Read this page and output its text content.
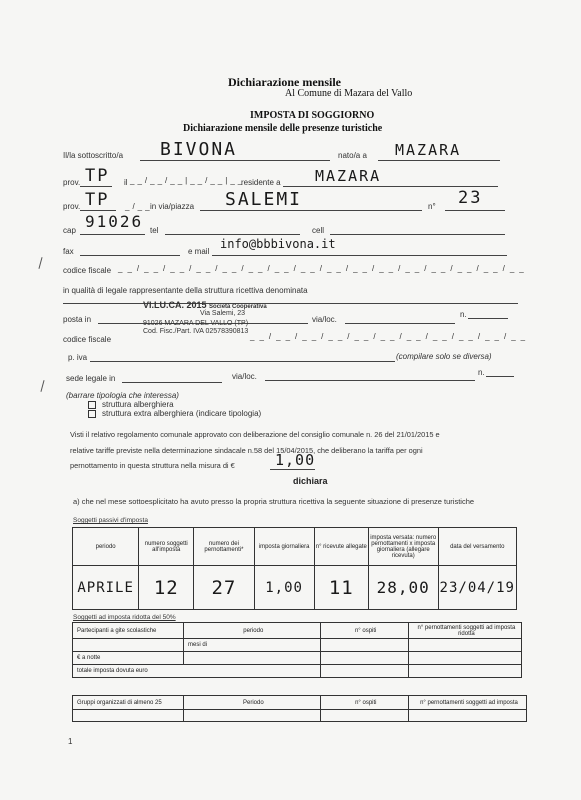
Dichiarazione mensile
Al Comune di Mazara del Vallo
IMPOSTA DI SOGGIORNO
Dichiarazione mensile delle presenze turistiche
Il/la sottoscritto/a BIVONA	nato/a a MAZARA
prov. TP il __/__/__|__/__|__
residente a MAZARA
prov. TP _/__
in via/piazza SALEMI	n° 23
cap 91026 tel	cell
fax	e mail
info@bbbivona.it
codice fiscale __/__/__/__/__/__/__/__/__/__/__/__/__/__/__/__
in qualità di legale rappresentante della struttura ricettiva denominata
VI.LU.CA. 2015 Società Cooperativa
posta in
Via Salemi, 23
via/loc.
n.
91026 MAZARA DEL VALLO (TP)
Cod. Fisc./Part. IVA 02578390813
codice fiscale	__/__/__/__/__/__/__/__/__/__/__
p. iva	(compilare solo se diversa)
sede legale in	via/loc.	n.
(barrare tipologia che interessa)
struttura alberghiera
struttura extra alberghiera (indicare tipologia)
Visti il relativo regolamento comunale approvato con deliberazione del consiglio comunale n. 26 del 21/01/2015 e
relative tariffe previste nella determinazione sindacale n.58 del 15/04/2015, che deliberano la tariffa per ogni
pernottamento in questa struttura nella misura di €	1,00
dichiara
a) che nel mese sottoesplicitato ha avuto presso la propria struttura ricettiva la seguente situazione di presenze turistiche
Soggetti passivi d'imposta
periodo	numero soggetti all'imposta	numero dei pernottamenti*	imposta giornaliera	n° ricevute allegate	imposta versata: numero pernottamenti x imposta giornaliera (allegare ricevuta)	data del versamento
APRILE	12	27	1,00	11	28,00	23/04/19
Soggetti ad imposta ridotta del 50%
Partecipanti a gite scolastiche	periodo	n° ospiti	n° pernottamenti soggetti ad imposta ridotta
	mesi di		
€ a notte			
totale imposta dovuta euro			
Gruppi organizzati di almeno 25	Periodo	n° ospiti	n° pernottamenti soggetti ad imposta

1
